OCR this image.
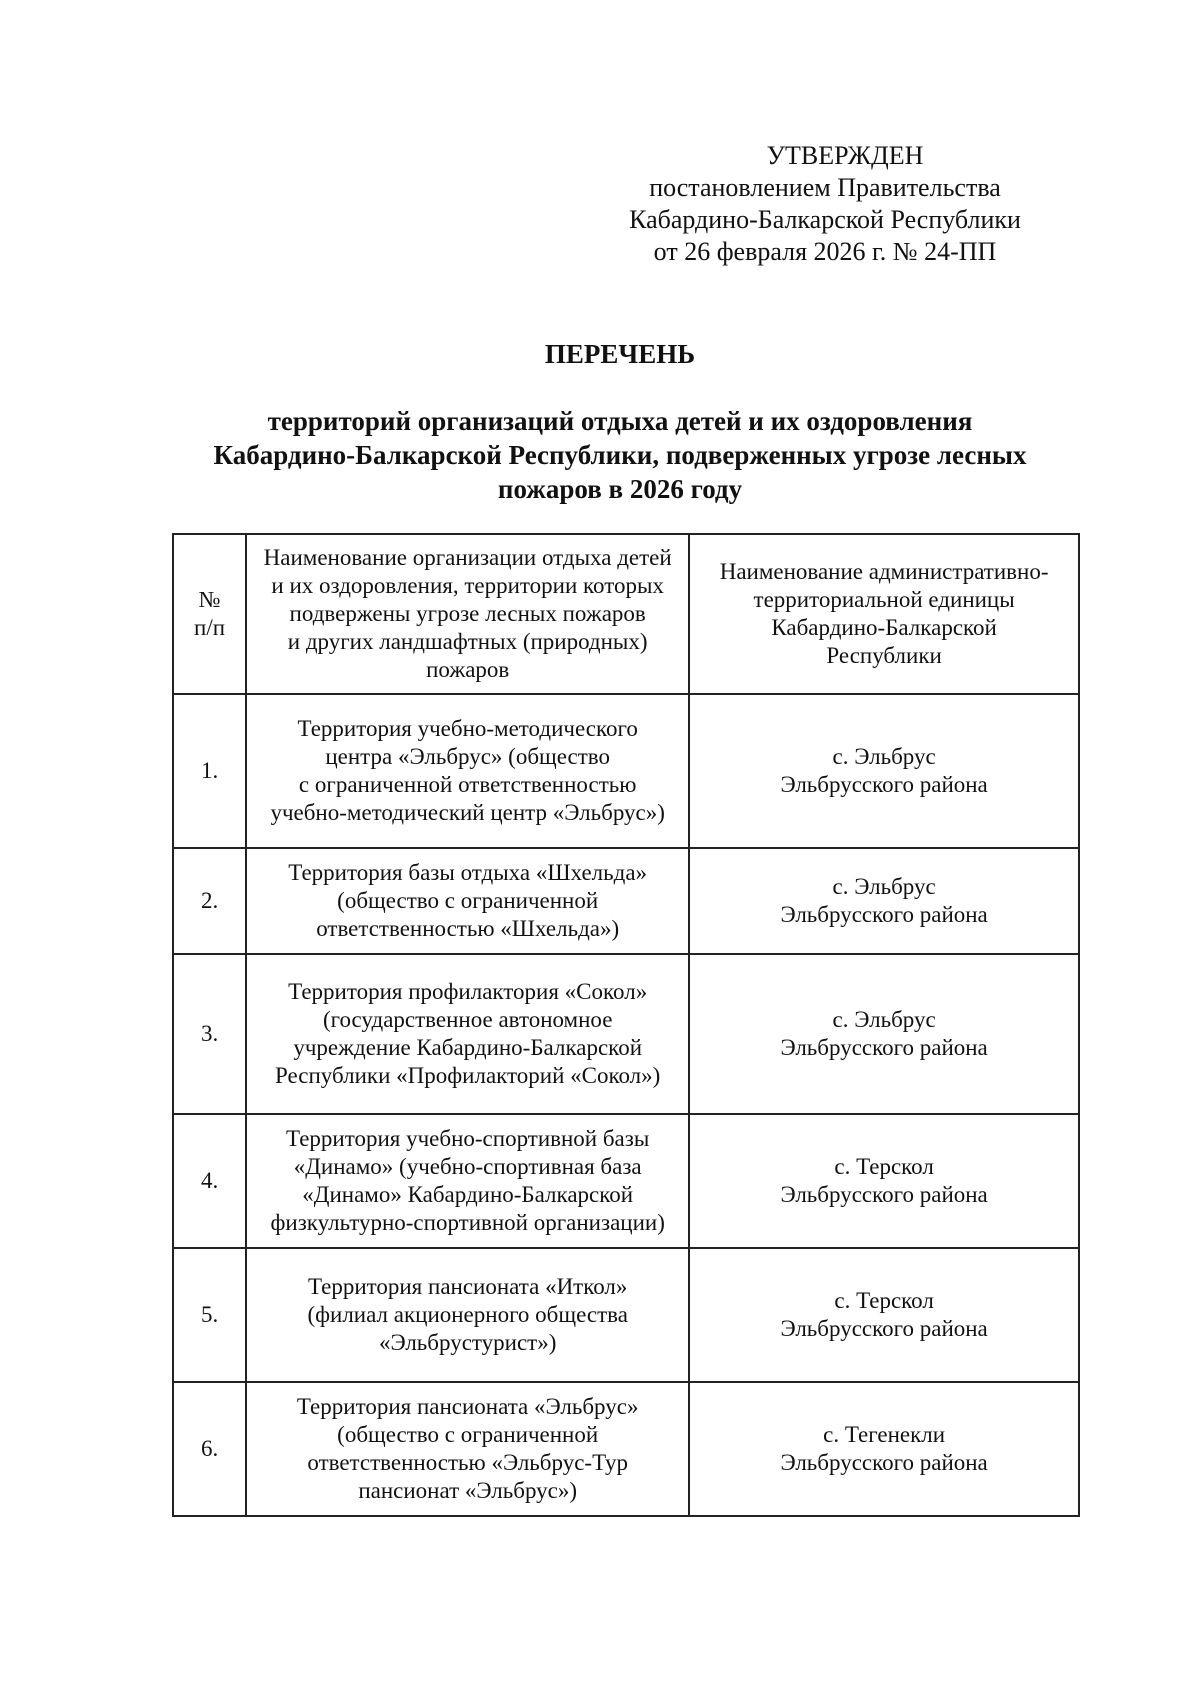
УТВЕРЖДЕН
постановлением Правительства
Кабардино-Балкарской Республики
от 26 февраля 2026 г. № 24-ПП
ПЕРЕЧЕНЬ
территорий организаций отдыха детей и их оздоровления
Кабардино-Балкарской Республики, подверженных угрозе лесных
пожаров в 2026 году
№
п/п	Наименование организации отдыха детей
и их оздоровления, территории которых
подвержены угрозе лесных пожаров
и других ландшафтных (природных)
пожаров	Наименование административно-
территориальной единицы
Кабардино-Балкарской
Республики

1.	Территория учебно-методического
центра «Эльбрус» (общество
с ограниченной ответственностью
учебно-методический центр «Эльбрус»)	с. Эльбрус
Эльбрусского района

2.	Территория базы отдыха «Шхельда»
(общество с ограниченной
ответственностью «Шхельда»)	с. Эльбрус
Эльбрусского района

3.	Территория профилактория «Сокол»
(государственное автономное
учреждение Кабардино-Балкарской
Республики «Профилакторий «Сокол»)	с. Эльбрус
Эльбрусского района

4.	Территория учебно-спортивной базы
«Динамо» (учебно-спортивная база
«Динамо» Кабардино-Балкарской
физкультурно-спортивной организации)	с. Терскол
Эльбрусского района

5.	Территория пансионата «Иткол»
(филиал акционерного общества
«Эльбрустурист»)	с. Терскол
Эльбрусского района

6.	Территория пансионата «Эльбрус»
(общество с ограниченной
ответственностью «Эльбрус-Тур
пансионат «Эльбрус»)	с. Тегенекли
Эльбрусского района
